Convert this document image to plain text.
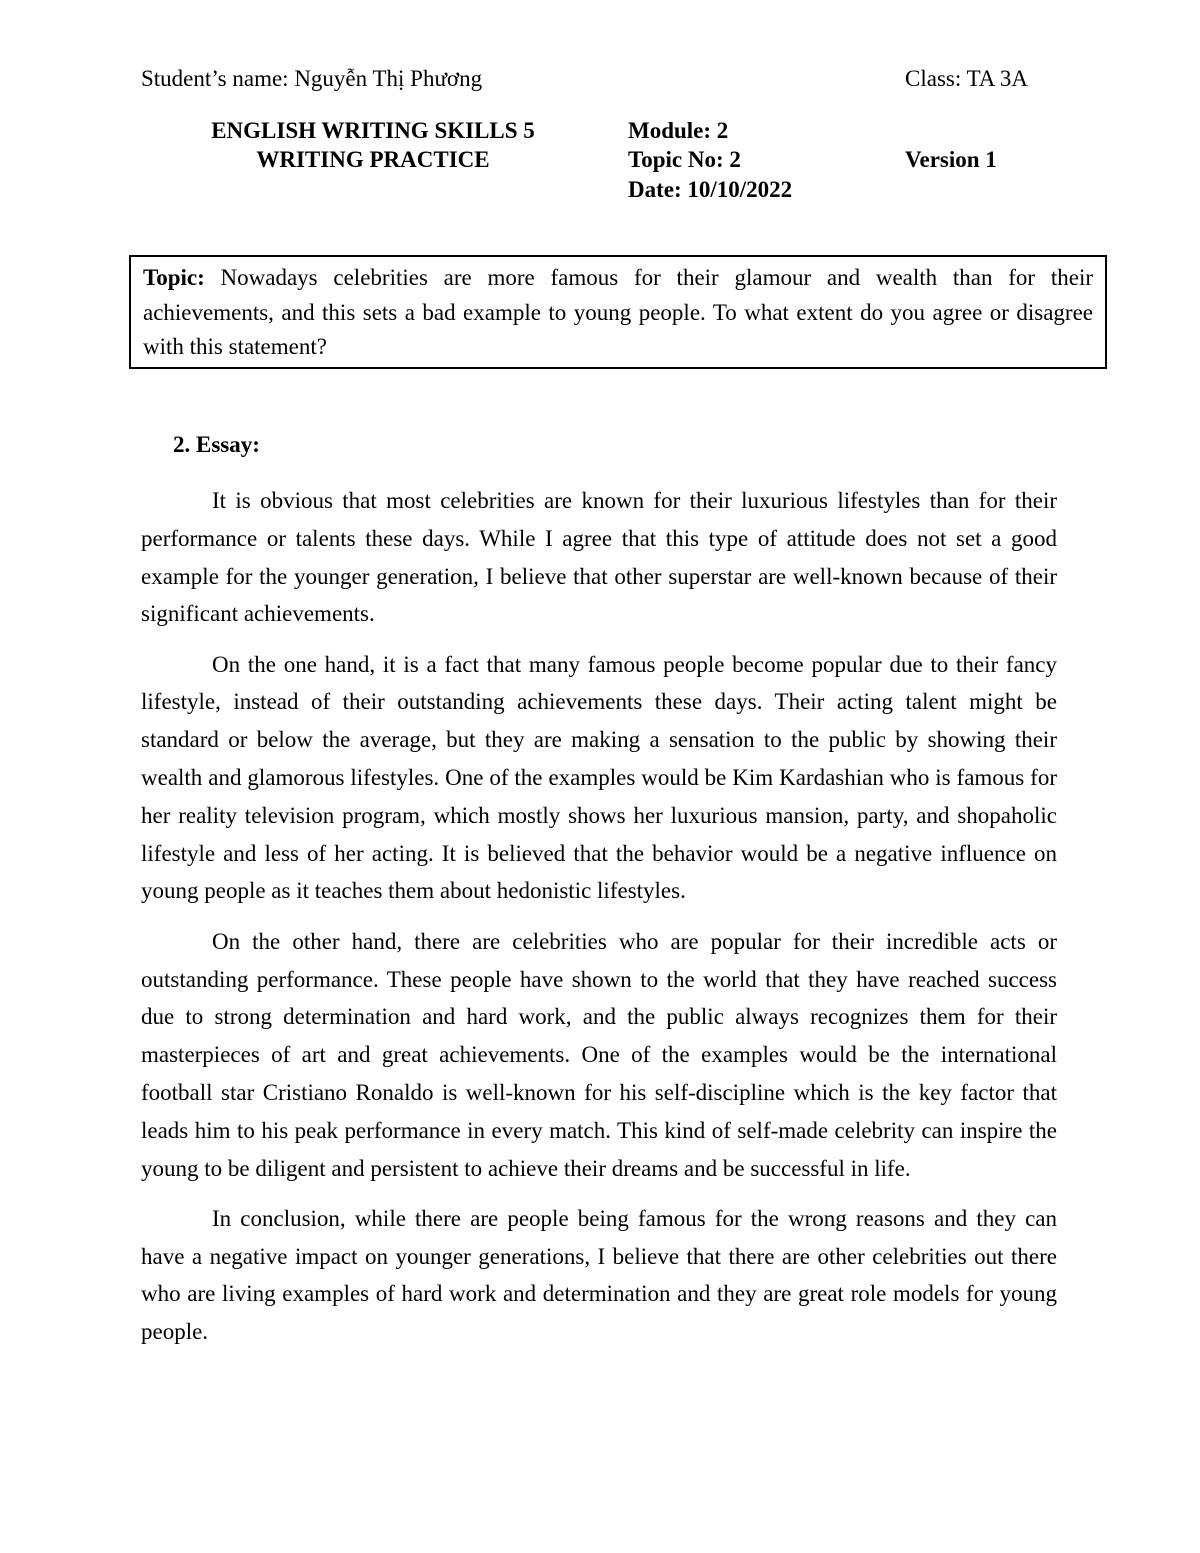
Student’s name: Nguyễn Thị Phương	Class: TA 3A
ENGLISH WRITING SKILLS 5
WRITING PRACTICE
Module: 2
Topic No: 2
Date: 10/10/2022
Version 1
Topic: Nowadays celebrities are more famous for their glamour and wealth than for their achievements, and this sets a bad example to young people. To what extent do you agree or disagree with this statement?
2. Essay:

It is obvious that most celebrities are known for their luxurious lifestyles than for their performance or talents these days. While I agree that this type of attitude does not set a good example for the younger generation, I believe that other superstar are well-known because of their significant achievements.

On the one hand, it is a fact that many famous people become popular due to their fancy lifestyle, instead of their outstanding achievements these days. Their acting talent might be standard or below the average, but they are making a sensation to the public by showing their wealth and glamorous lifestyles. One of the examples would be Kim Kardashian who is famous for her reality television program, which mostly shows her luxurious mansion, party, and shopaholic lifestyle and less of her acting. It is believed that the behavior would be a negative influence on young people as it teaches them about hedonistic lifestyles.

On the other hand, there are celebrities who are popular for their incredible acts or outstanding performance. These people have shown to the world that they have reached success due to strong determination and hard work, and the public always recognizes them for their masterpieces of art and great achievements. One of the examples would be the international football star Cristiano Ronaldo is well-known for his self-discipline which is the key factor that leads him to his peak performance in every match. This kind of self-made celebrity can inspire the young to be diligent and persistent to achieve their dreams and be successful in life.

In conclusion, while there are people being famous for the wrong reasons and they can have a negative impact on younger generations, I believe that there are other celebrities out there who are living examples of hard work and determination and they are great role models for young people.
